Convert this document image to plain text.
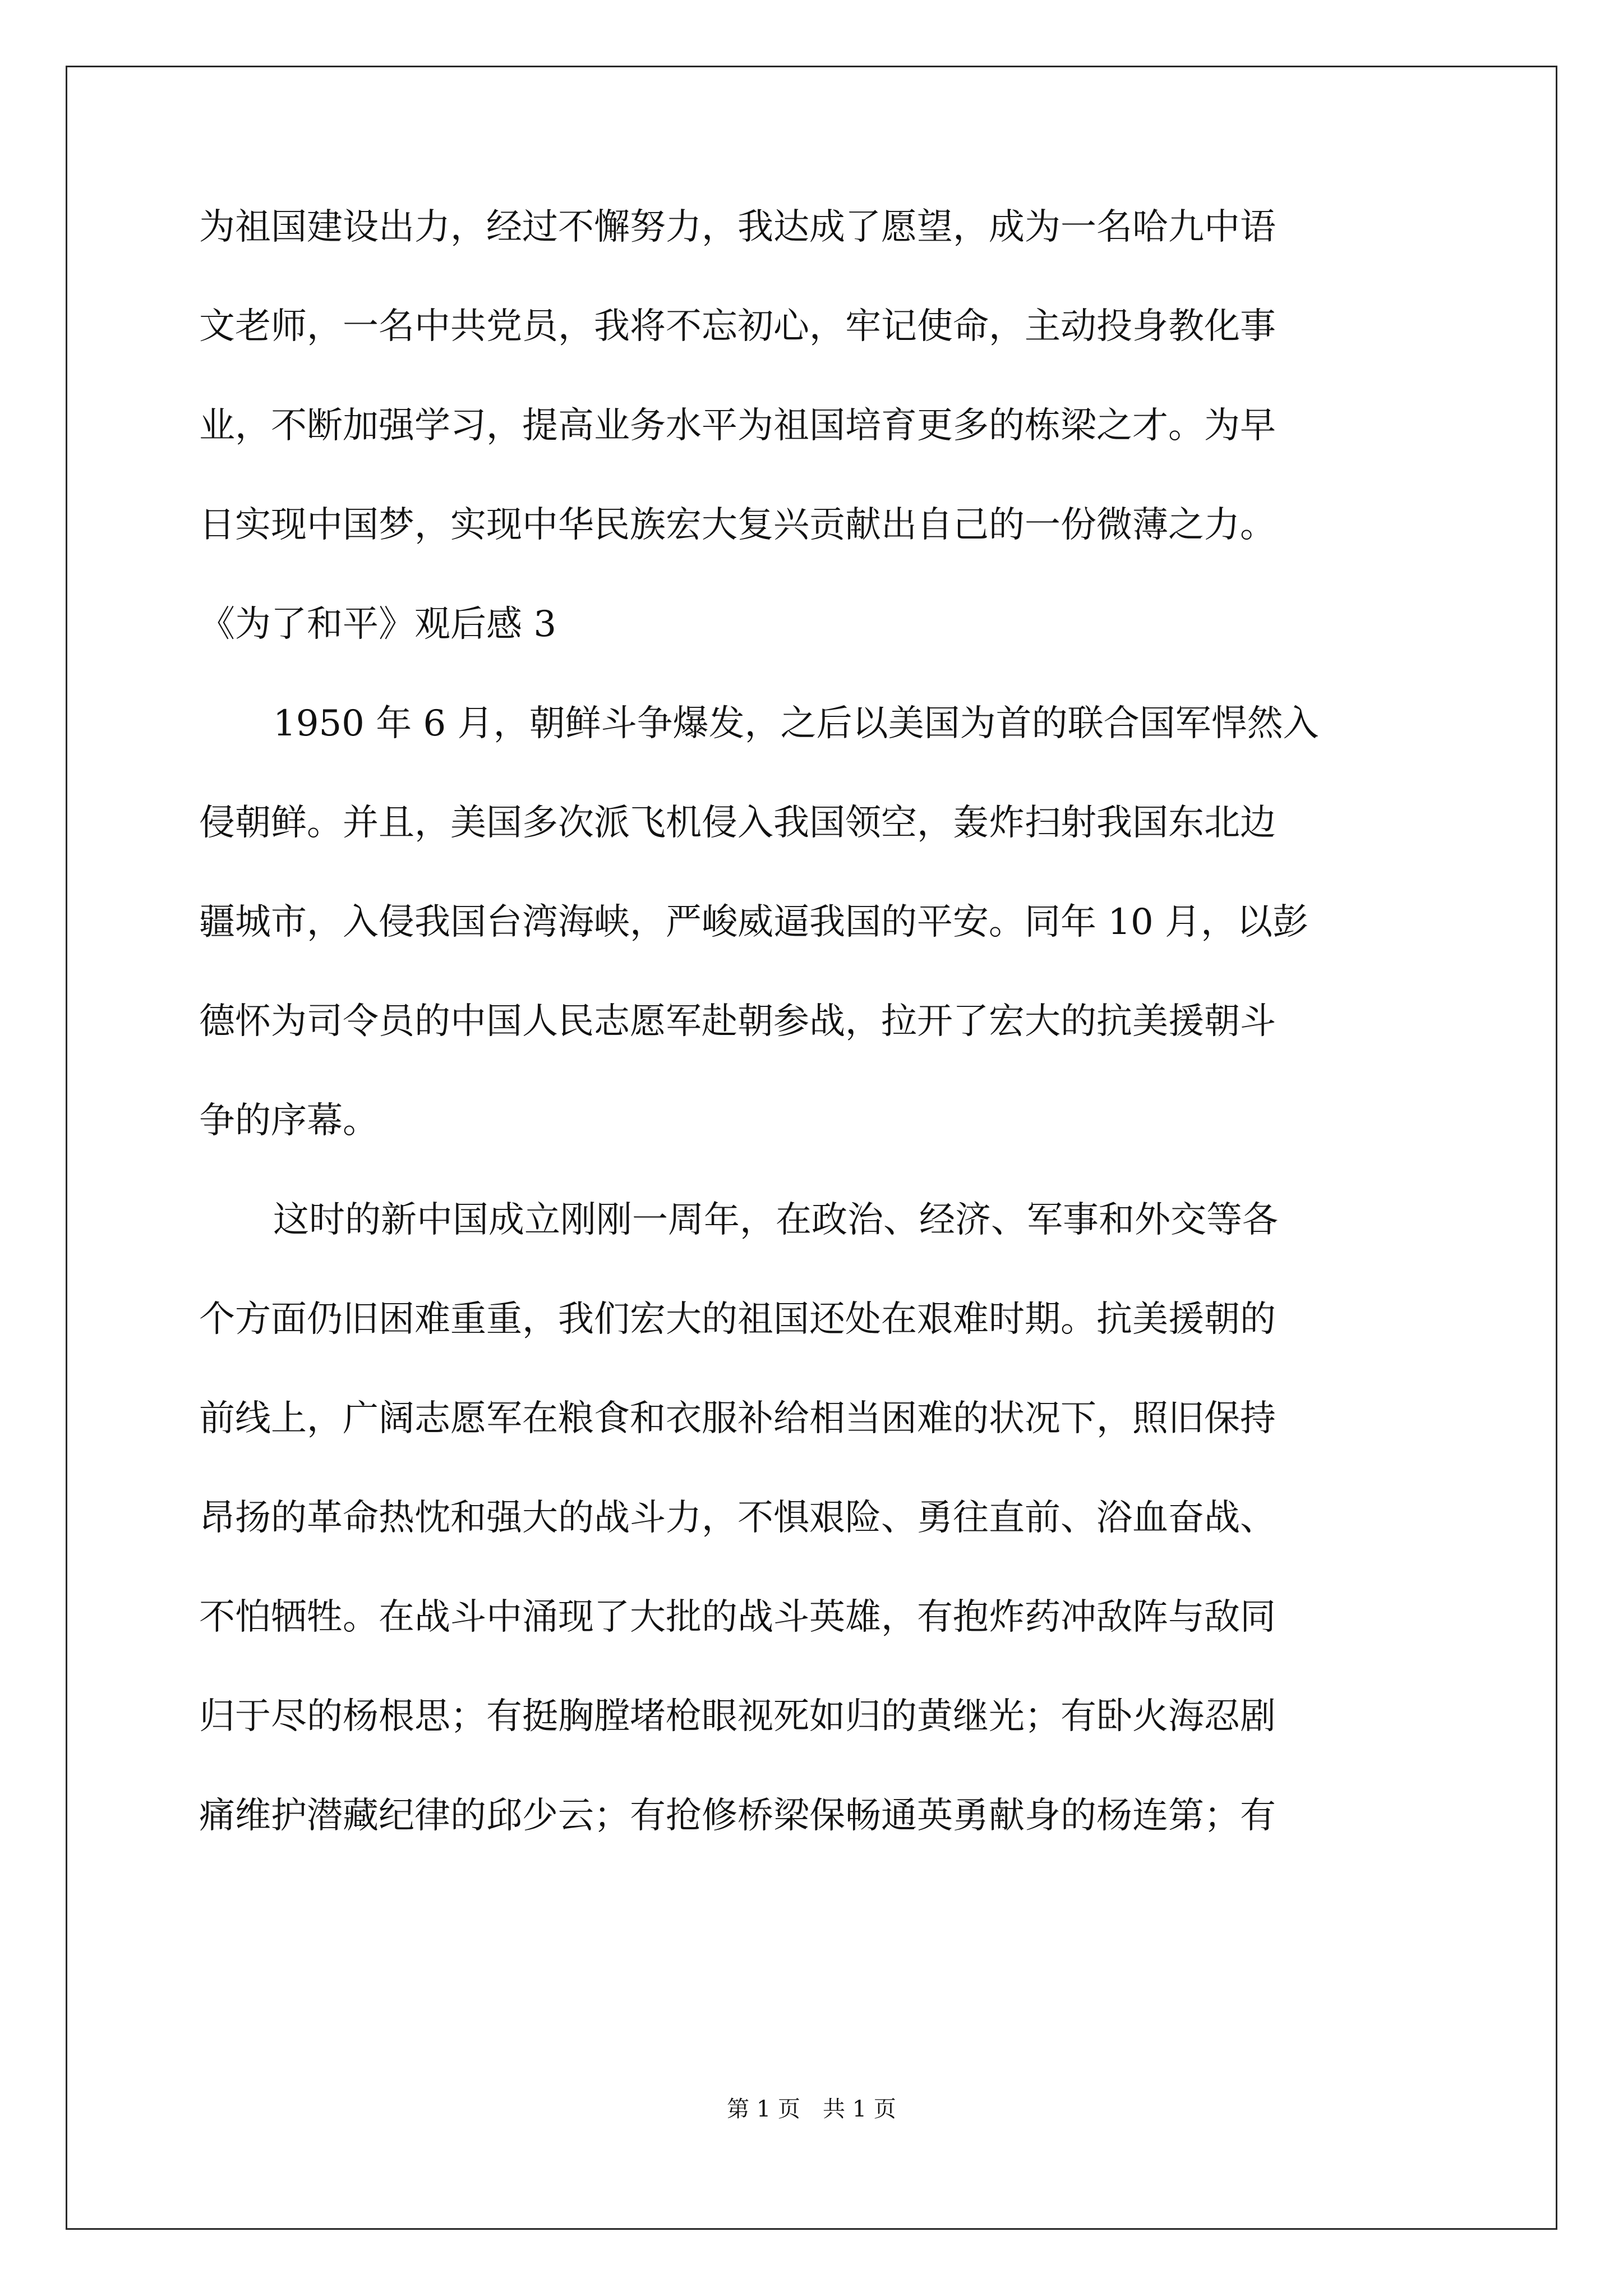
为祖国建设出力，经过不懈努力，我达成了愿望，成为一名哈九中语
文老师，一名中共党员，我将不忘初心，牢记使命，主动投身教化事
业，不断加强学习，提高业务水平为祖国培育更多的栋梁之才。为早
日实现中国梦，实现中华民族宏大复兴贡献出自己的一份微薄之力。
《为了和平》观后感 3
1950 年 6 月，朝鲜斗争爆发，之后以美国为首的联合国军悍然入
侵朝鲜。并且，美国多次派飞机侵入我国领空，轰炸扫射我国东北边
疆城市，入侵我国台湾海峡，严峻威逼我国的平安。同年 10 月，以彭
德怀为司令员的中国人民志愿军赴朝参战，拉开了宏大的抗美援朝斗
争的序幕。
这时的新中国成立刚刚一周年，在政治、经济、军事和外交等各
个方面仍旧困难重重，我们宏大的祖国还处在艰难时期。抗美援朝的
前线上，广阔志愿军在粮食和衣服补给相当困难的状况下，照旧保持
昂扬的革命热忱和强大的战斗力，不惧艰险、勇往直前、浴血奋战、
不怕牺牲。在战斗中涌现了大批的战斗英雄，有抱炸药冲敌阵与敌同
归于尽的杨根思；有挺胸膛堵枪眼视死如归的黄继光；有卧火海忍剧
痛维护潜藏纪律的邱少云；有抢修桥梁保畅通英勇献身的杨连第；有
第 1 页　共 1 页
